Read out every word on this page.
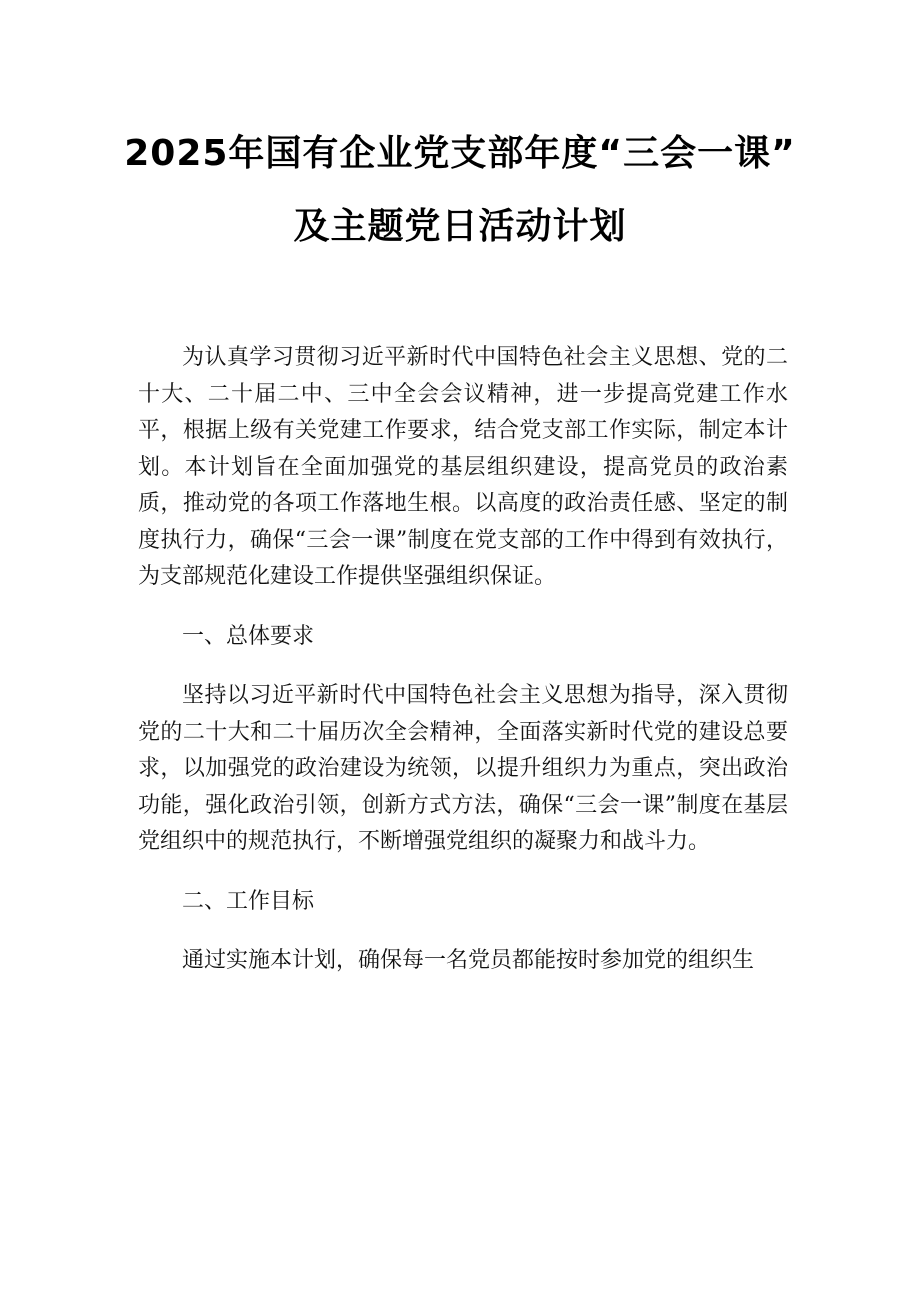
2025年国有企业党支部年度“三会一课”
及主题党日活动计划

为认真学习贯彻习近平新时代中国特色社会主义思想、党的二十大、二十届二中、三中全会会议精神，进一步提高党建工作水平，根据上级有关党建工作要求，结合党支部工作实际，制定本计划。本计划旨在全面加强党的基层组织建设，提高党员的政治素质，推动党的各项工作落地生根。以高度的政治责任感、坚定的制度执行力，确保“三会一课”制度在党支部的工作中得到有效执行，为支部规范化建设工作提供坚强组织保证。

一、总体要求

坚持以习近平新时代中国特色社会主义思想为指导，深入贯彻党的二十大和二十届历次全会精神，全面落实新时代党的建设总要求，以加强党的政治建设为统领，以提升组织力为重点，突出政治功能，强化政治引领，创新方式方法，确保“三会一课”制度在基层党组织中的规范执行，不断增强党组织的凝聚力和战斗力。

二、工作目标

通过实施本计划，确保每一名党员都能按时参加党的组织生
